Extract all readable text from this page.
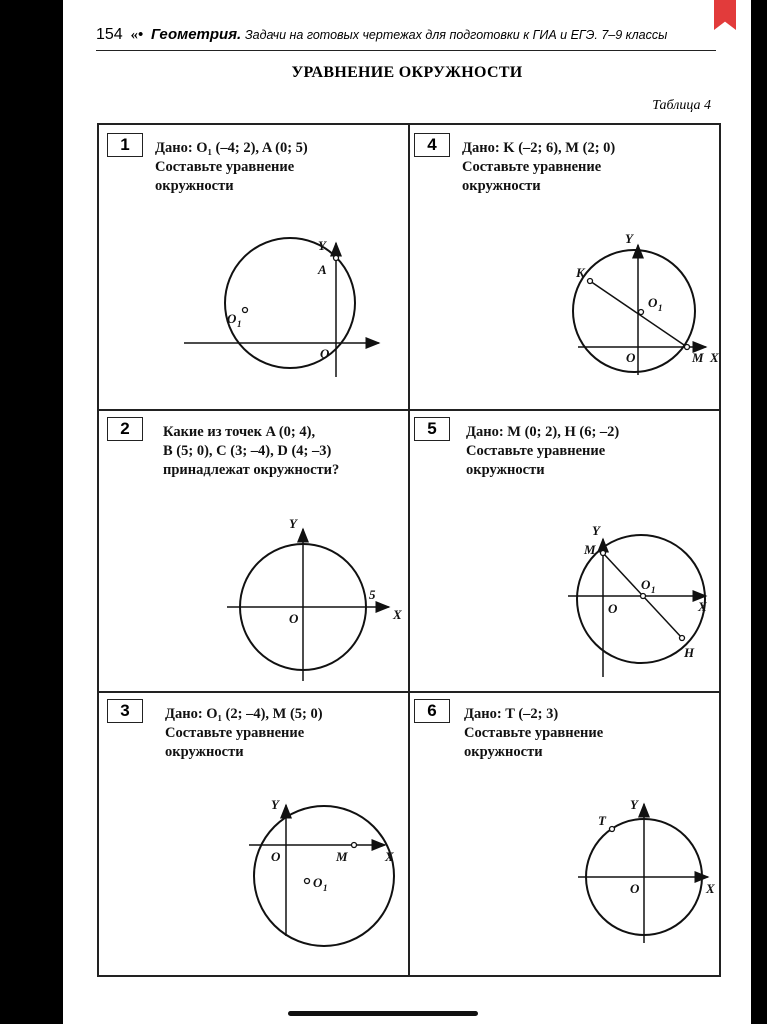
154 «• Геометрия. Задачи на готовых чертежах для подготовки к ГИА и ЕГЭ. 7–9 классы
УРАВНЕНИЕ ОКРУЖНОСТИ
Таблица 4
1	Дано: O₁ (–4; 2), A (0; 5)
Составьте уравнение
окружности
Y
A
O 1
O
4	Дано: K (–2; 6), M (2; 0)
Составьте уравнение
окружности
Y
K
O 1
O	M X
2	Какие из точек A (0; 4),
B (5; 0), C (3; –4), D (4; –3)
принадлежат окружности?
Y
5
O	X
5	Дано: M (0; 2), H (6; –2)
Составьте уравнение
окружности
Y
M
O 1
O	X
H
3	Дано: O₁ (2; –4), M (5; 0)
Составьте уравнение
окружности
Y
O	M	X
O 1
6	Дано: T (–2; 3)
Составьте уравнение
окружности
Y
T
O	X
